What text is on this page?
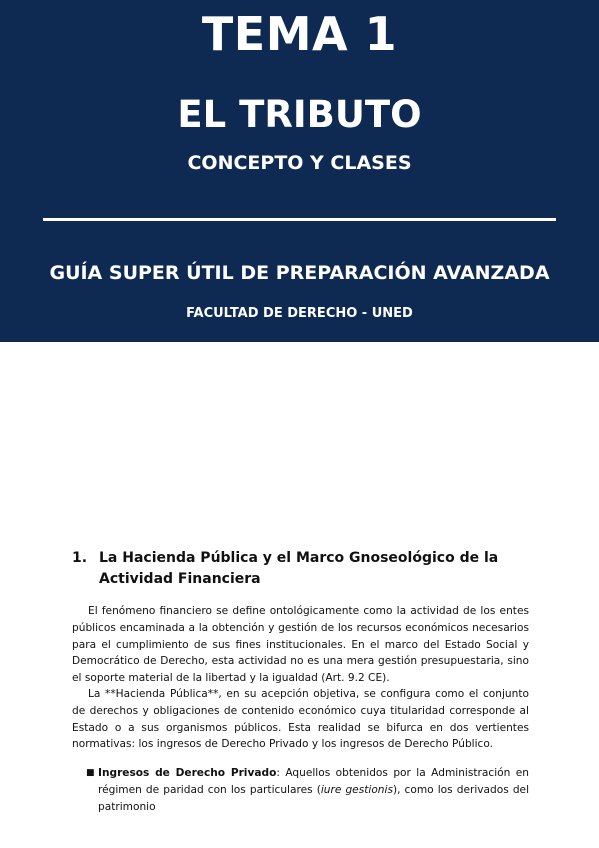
TEMA 1
EL TRIBUTO
CONCEPTO Y CLASES
GUÍA SUPER ÚTIL DE PREPARACIÓN AVANZADA
FACULTAD DE DERECHO - UNED
1. La Hacienda Pública y el Marco Gnoseológico de la Actividad Financiera

El fenómeno financiero se define ontológicamente como la actividad de los entes públicos encaminada a la obtención y gestión de los recursos económicos necesarios para el cumplimiento de sus fines institucionales. En el marco del Estado Social y Democrático de Derecho, esta actividad no es una mera gestión presupuestaria, sino el soporte material de la libertad y la igualdad (Art. 9.2 CE).

La **Hacienda Pública**, en su acepción objetiva, se configura como el conjunto de derechos y obligaciones de contenido económico cuya titularidad corresponde al Estado o a sus organismos públicos. Esta realidad se bifurca en dos vertientes normativas: los ingresos de Derecho Privado y los ingresos de Derecho Público.

■ Ingresos de Derecho Privado: Aquellos obtenidos por la Administración en régimen de paridad con los particulares (iure gestionis), como los derivados del patrimonio
